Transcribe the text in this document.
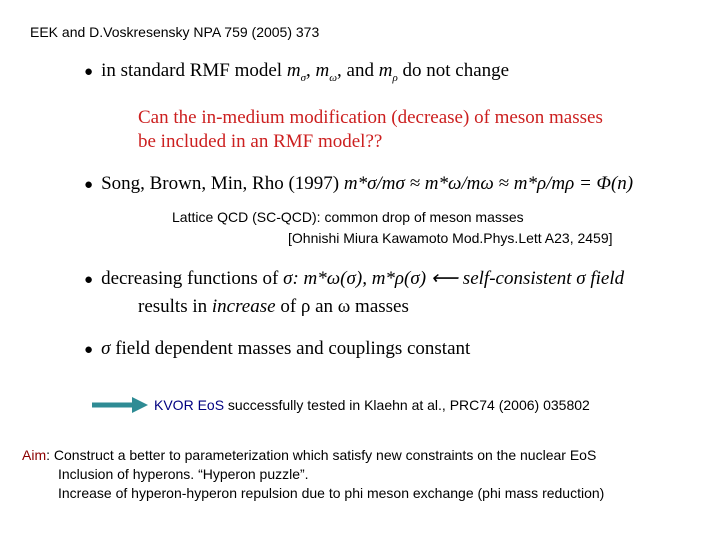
EEK and D.Voskresensky NPA 759 (2005) 373
● in standard RMF model $m_\sigma$, $m_\omega$, and $m_\rho$ do not change
Can the in-medium modification (decrease) of meson masses
be included in an RMF model??
● Song, Brown, Min, Rho (1997) m*σ/mσ ≈ m*ω/mω ≈ m*ρ/mρ = Φ(n)
Lattice QCD (SC-QCD): common drop of meson masses
[Ohnishi Miura Kawamoto Mod.Phys.Lett A23, 2459]
● decreasing functions of σ: m*ω(σ), m*ρ(σ) ⟵ self-consistent σ field
results in increase of ρ an ω masses
● σ field dependent masses and couplings constant
KVOR EoS successfully tested in Klaehn at al., PRC74 (2006) 035802
Aim: Construct a better to parameterization which satisfy new constraints on the nuclear EoS
Inclusion of hyperons. “Hyperon puzzle”.
Increase of hyperon-hyperon repulsion due to phi meson exchange (phi mass reduction)
